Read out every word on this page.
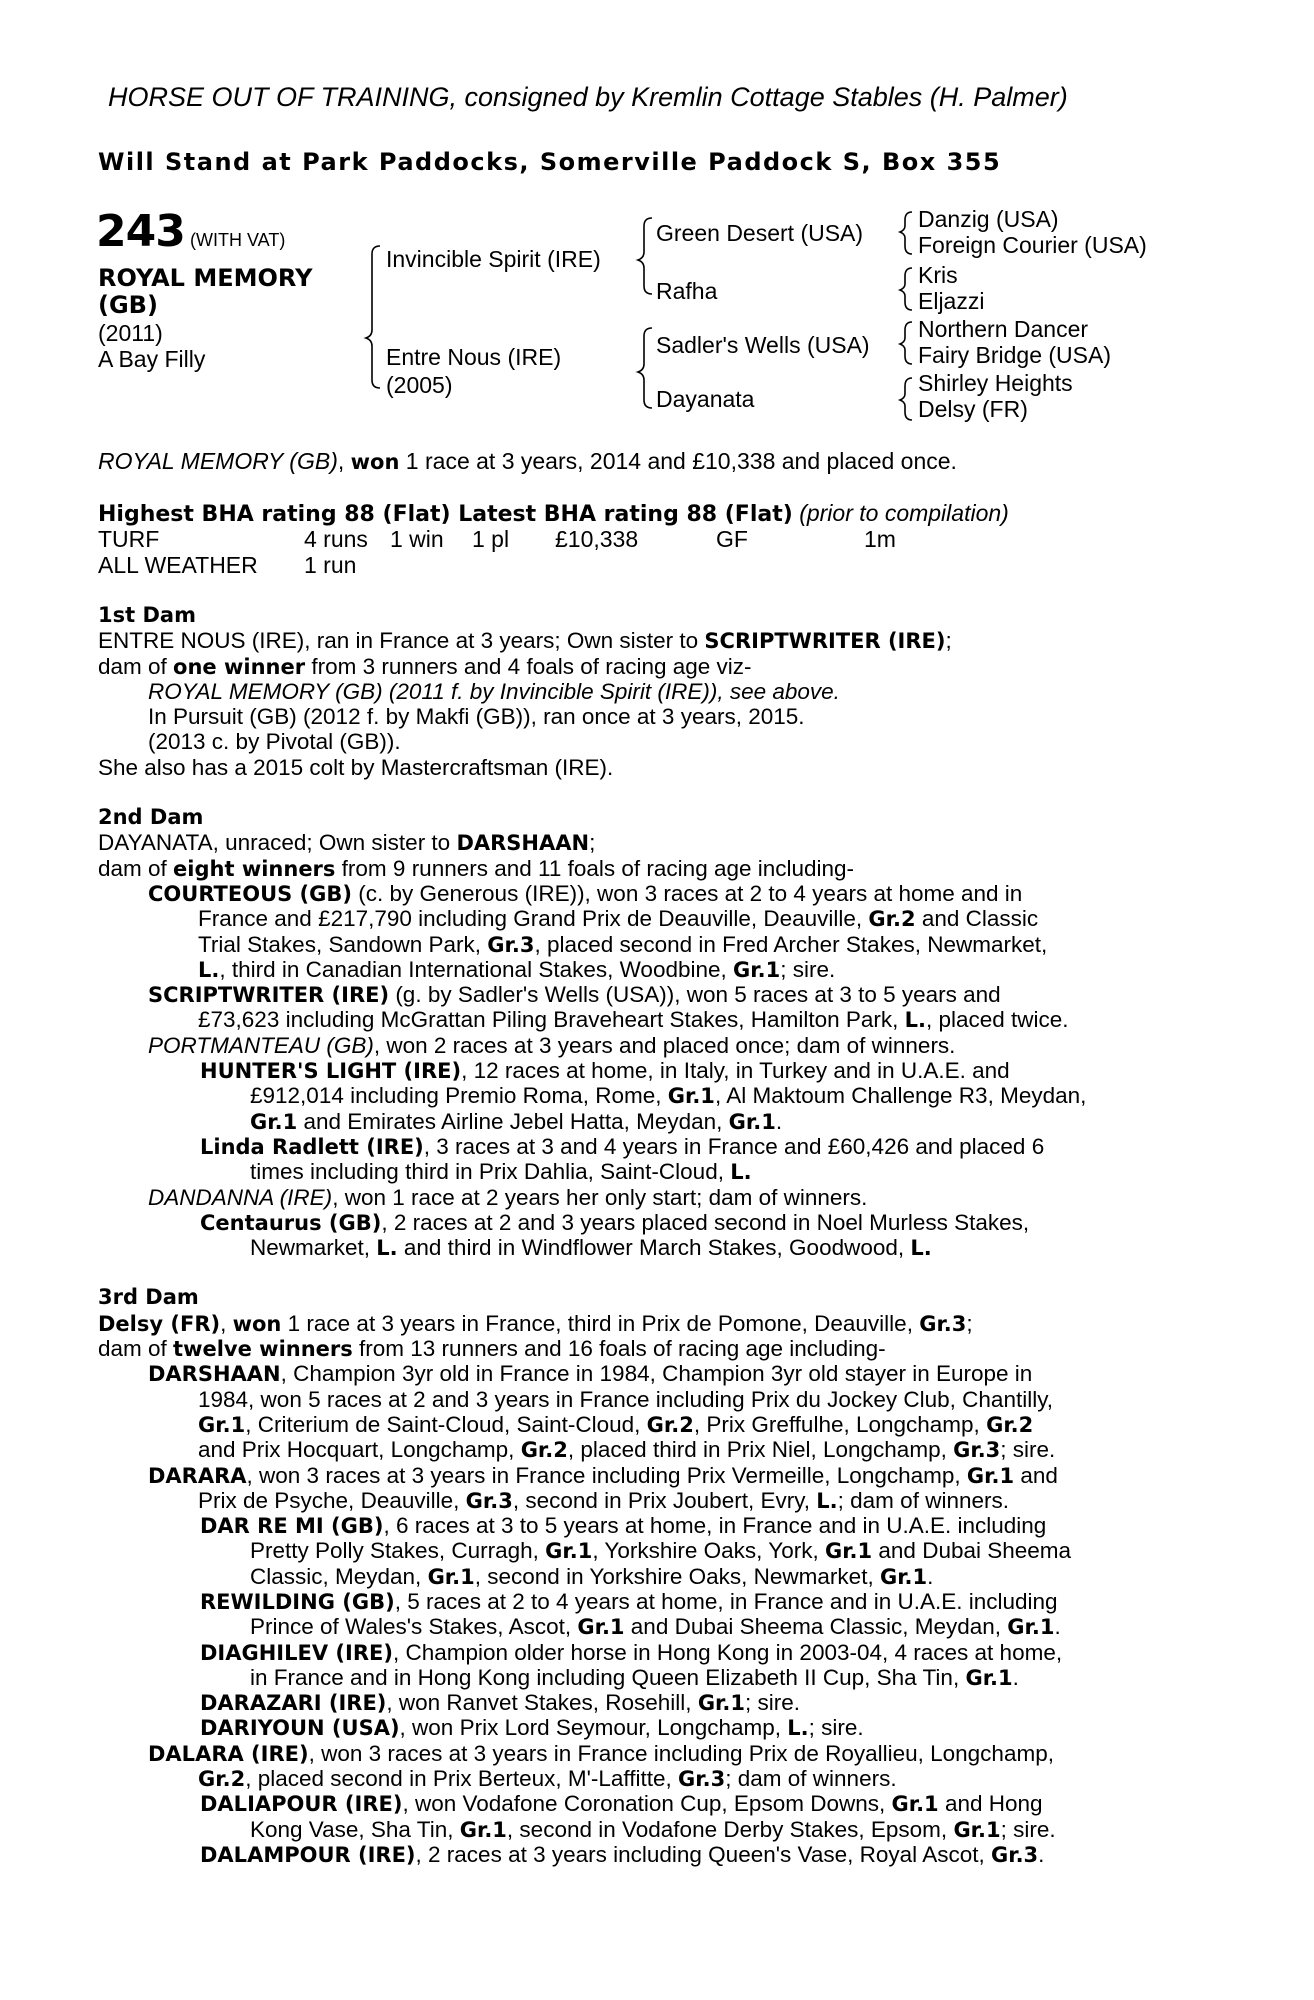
HORSE OUT OF TRAINING, consigned by Kremlin Cottage Stables (H. Palmer)
Will Stand at Park Paddocks, Somerville Paddock S, Box 355
243 (WITH VAT)
ROYAL MEMORY (GB)
(2011)
A Bay Filly
Invincible Spirit (IRE)
Entre Nous (IRE)
(2005)
Green Desert (USA)
Rafha
Sadler's Wells (USA)
Dayanata
Danzig (USA)
Foreign Courier (USA)
Kris
Eljazzi
Northern Dancer
Fairy Bridge (USA)
Shirley Heights
Delsy (FR)
ROYAL MEMORY (GB), won 1 race at 3 years, 2014 and £10,338 and placed once.
Highest BHA rating 88 (Flat) Latest BHA rating 88 (Flat) (prior to compilation)
TURF	4 runs 1 win 1 pl £10,338	GF	1m
ALL WEATHER 1 run
1st Dam
ENTRE NOUS (IRE), ran in France at 3 years; Own sister to SCRIPTWRITER (IRE);
dam of one winner from 3 runners and 4 foals of racing age viz-
ROYAL MEMORY (GB) (2011 f. by Invincible Spirit (IRE)), see above.
In Pursuit (GB) (2012 f. by Makfi (GB)), ran once at 3 years, 2015.
(2013 c. by Pivotal (GB)).
She also has a 2015 colt by Mastercraftsman (IRE).
2nd Dam
DAYANATA, unraced; Own sister to DARSHAAN;
dam of eight winners from 9 runners and 11 foals of racing age including-
COURTEOUS (GB) (c. by Generous (IRE)), won 3 races at 2 to 4 years at home and in
France and £217,790 including Grand Prix de Deauville, Deauville, Gr.2 and Classic
Trial Stakes, Sandown Park, Gr.3, placed second in Fred Archer Stakes, Newmarket,
L., third in Canadian International Stakes, Woodbine, Gr.1; sire.
SCRIPTWRITER (IRE) (g. by Sadler's Wells (USA)), won 5 races at 3 to 5 years and
£73,623 including McGrattan Piling Braveheart Stakes, Hamilton Park, L., placed twice.
PORTMANTEAU (GB), won 2 races at 3 years and placed once; dam of winners.
HUNTER'S LIGHT (IRE), 12 races at home, in Italy, in Turkey and in U.A.E. and
£912,014 including Premio Roma, Rome, Gr.1, Al Maktoum Challenge R3, Meydan,
Gr.1 and Emirates Airline Jebel Hatta, Meydan, Gr.1.
Linda Radlett (IRE), 3 races at 3 and 4 years in France and £60,426 and placed 6
times including third in Prix Dahlia, Saint-Cloud, L.
DANDANNA (IRE), won 1 race at 2 years her only start; dam of winners.
Centaurus (GB), 2 races at 2 and 3 years placed second in Noel Murless Stakes,
Newmarket, L. and third in Windflower March Stakes, Goodwood, L.
3rd Dam
Delsy (FR), won 1 race at 3 years in France, third in Prix de Pomone, Deauville, Gr.3;
dam of twelve winners from 13 runners and 16 foals of racing age including-
DARSHAAN, Champion 3yr old in France in 1984, Champion 3yr old stayer in Europe in
1984, won 5 races at 2 and 3 years in France including Prix du Jockey Club, Chantilly,
Gr.1, Criterium de Saint-Cloud, Saint-Cloud, Gr.2, Prix Greffulhe, Longchamp, Gr.2
and Prix Hocquart, Longchamp, Gr.2, placed third in Prix Niel, Longchamp, Gr.3; sire.
DARARA, won 3 races at 3 years in France including Prix Vermeille, Longchamp, Gr.1 and
Prix de Psyche, Deauville, Gr.3, second in Prix Joubert, Evry, L.; dam of winners.
DAR RE MI (GB), 6 races at 3 to 5 years at home, in France and in U.A.E. including
Pretty Polly Stakes, Curragh, Gr.1, Yorkshire Oaks, York, Gr.1 and Dubai Sheema
Classic, Meydan, Gr.1, second in Yorkshire Oaks, Newmarket, Gr.1.
REWILDING (GB), 5 races at 2 to 4 years at home, in France and in U.A.E. including
Prince of Wales's Stakes, Ascot, Gr.1 and Dubai Sheema Classic, Meydan, Gr.1.
DIAGHILEV (IRE), Champion older horse in Hong Kong in 2003-04, 4 races at home,
in France and in Hong Kong including Queen Elizabeth II Cup, Sha Tin, Gr.1.
DARAZARI (IRE), won Ranvet Stakes, Rosehill, Gr.1; sire.
DARIYOUN (USA), won Prix Lord Seymour, Longchamp, L.; sire.
DALARA (IRE), won 3 races at 3 years in France including Prix de Royallieu, Longchamp,
Gr.2, placed second in Prix Berteux, M'-Laffitte, Gr.3; dam of winners.
DALIAPOUR (IRE), won Vodafone Coronation Cup, Epsom Downs, Gr.1 and Hong
Kong Vase, Sha Tin, Gr.1, second in Vodafone Derby Stakes, Epsom, Gr.1; sire.
DALAMPOUR (IRE), 2 races at 3 years including Queen's Vase, Royal Ascot, Gr.3.
